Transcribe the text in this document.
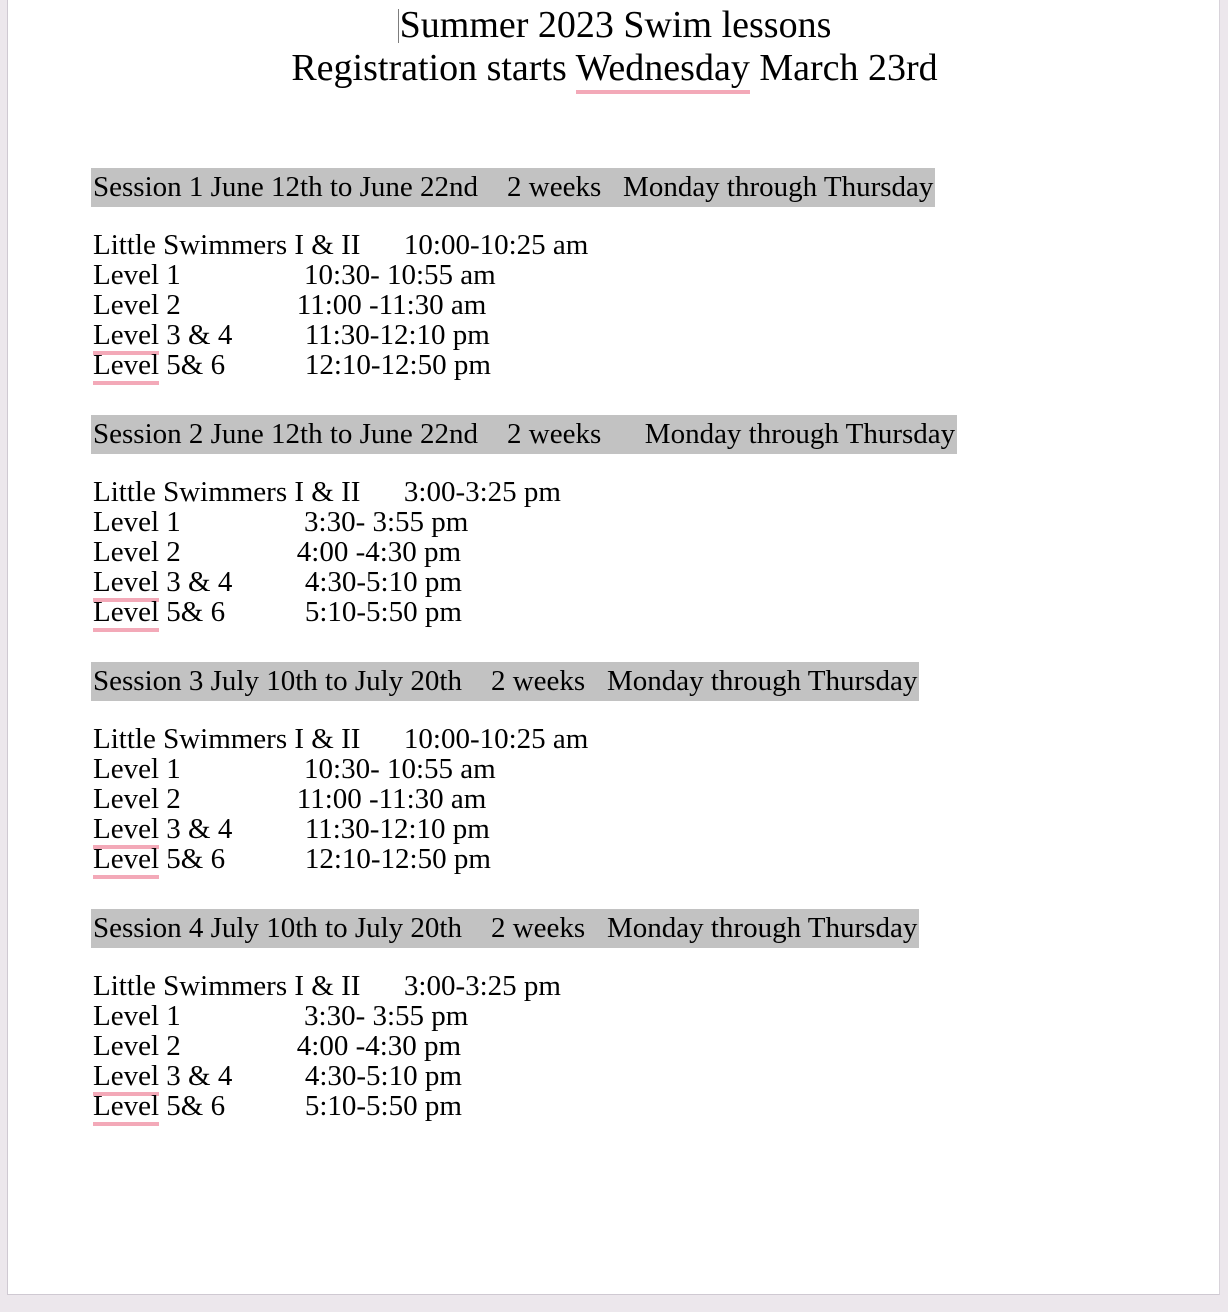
Summer 2023 Swim lessons
Registration starts Wednesday March 23rd
Session 1 June 12th to June 22nd    2 weeks   Monday through Thursday
Little Swimmers I & II 10:00-10:25 am
Level 1	10:30- 10:55 am
Level 2	11:00 -11:30 am
Level 3 & 4	11:30-12:10 pm
Level 5& 6	12:10-12:50 pm
Session 2 June 12th to June 22nd    2 weeks      Monday through Thursday
Little Swimmers I & II 3:00-3:25 pm
Level 1	3:30- 3:55 pm
Level 2	4:00 -4:30 pm
Level 3 & 4	4:30-5:10 pm
Level 5& 6	5:10-5:50 pm
Session 3 July 10th to July 20th    2 weeks   Monday through Thursday
Little Swimmers I & II 10:00-10:25 am
Level 1	10:30- 10:55 am
Level 2	11:00 -11:30 am
Level 3 & 4	11:30-12:10 pm
Level 5& 6	12:10-12:50 pm
Session 4 July 10th to July 20th    2 weeks   Monday through Thursday
Little Swimmers I & II 3:00-3:25 pm
Level 1	3:30- 3:55 pm
Level 2	4:00 -4:30 pm
Level 3 & 4	4:30-5:10 pm
Level 5& 6	5:10-5:50 pm
